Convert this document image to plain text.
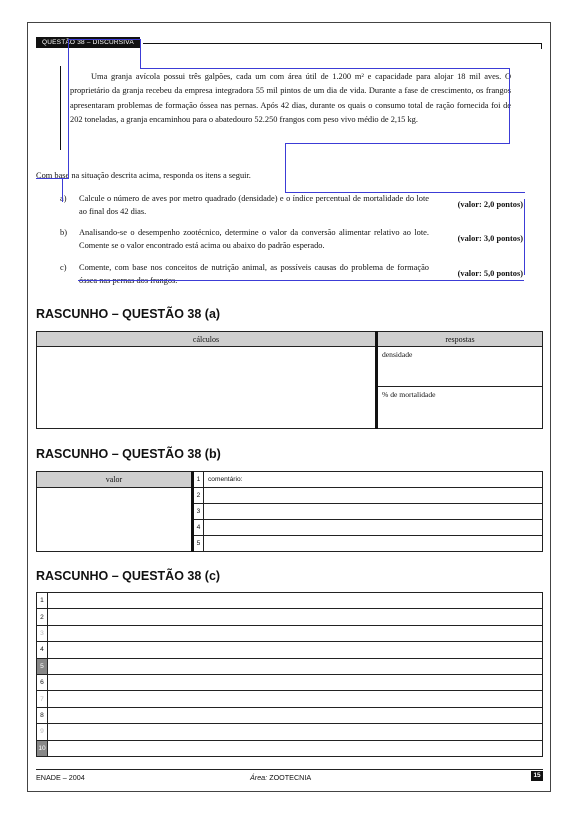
QUESTÃO 38 – DISCURSIVA
Uma granja avícola possui três galpões, cada um com área útil de 1.200 m² e capacidade para alojar 18 mil aves. O proprietário da granja recebeu da empresa integradora 55 mil pintos de um dia de vida. Durante a fase de crescimento, os frangos apresentaram problemas de formação óssea nas pernas. Após 42 dias, durante os quais o consumo total de ração fornecida foi de 202 toneladas, a granja encaminhou para o abatedouro 52.250 frangos com peso vivo médio de 2,15 kg.
Com base na situação descrita acima, responda os itens a seguir.
a) Calcule o número de aves por metro quadrado (densidade) e o índice percentual de mortalidade do lote ao final dos 42 dias.
(valor: 2,0 pontos)
b) Analisando-se o desempenho zootécnico, determine o valor da conversão alimentar relativo ao lote. Comente se o valor encontrado está acima ou abaixo do padrão esperado.
(valor: 3,0 pontos)
c) Comente, com base nos conceitos de nutrição animal, as possíveis causas do problema de formação óssea nas pernas dos frangos.
(valor: 5,0 pontos)
RASCUNHO – QUESTÃO 38 (a)
cálculos	respostas
	densidade
	% de mortalidade
RASCUNHO – QUESTÃO 38 (b)
valor	1	comentário:
	2	
	3	
	4	
	5	
RASCUNHO – QUESTÃO 38 (c)
1	
2	
3	
4	
5	
6	
7	
8	
9	
10	
ENADE – 2004	Área: ZOOTECNIA	15
